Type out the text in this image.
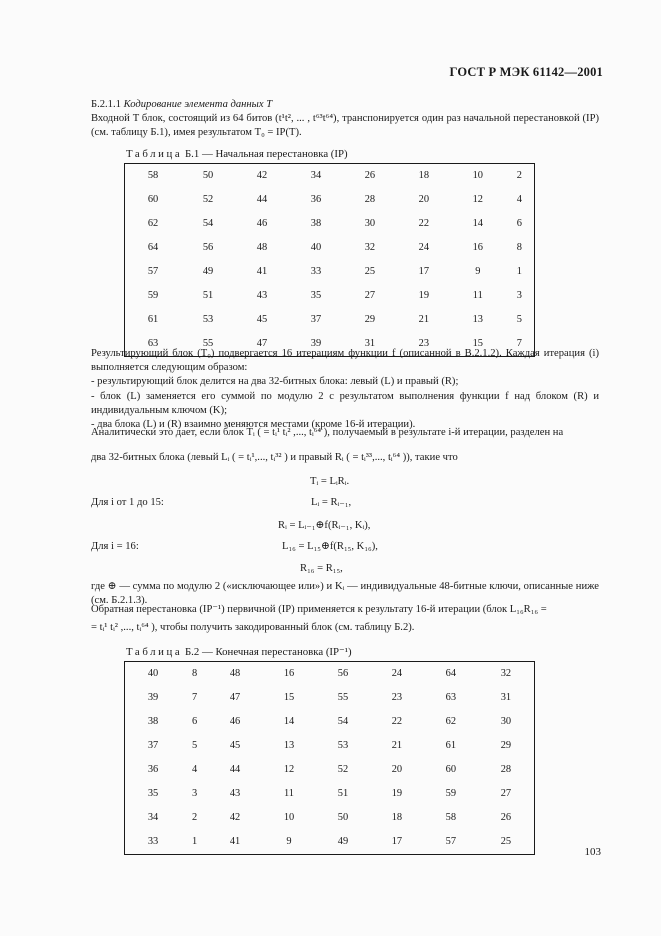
ГОСТ Р МЭК 61142—2001
Б.2.1.1 Кодирование элемента данных T
Входной T блок, состоящий из 64 битов (t¹t², ... , t⁶³t⁶⁴), транспонируется один раз начальной перестановкой (IP) (см. таблицу Б.1), имея результатом T₀ = IP(T).
Таблица Б.1 — Начальная перестановка (IP)
58	50	42	34	26	18	10	2
60	52	44	36	28	20	12	4
62	54	46	38	30	22	14	6
64	56	48	40	32	24	16	8
57	49	41	33	25	17	9	1
59	51	43	35	27	19	11	3
61	53	45	37	29	21	13	5
63	55	47	39	31	23	15	7
Результирующий блок (T₀) подвергается 16 итерациям функции f (описанной в B.2.1.2). Каждая итерация (i) выполняется следующим образом:
- результирующий блок делится на два 32-битных блока: левый (L) и правый (R);
- блок (L) заменяется его суммой по модулю 2 с результатом выполнения функции f над блоком (R) и индивидуальным ключом (K);
- два блока (L) и (R) взаимно меняются местами (кроме 16-й итерации).
Аналитически это дает, если блок Tᵢ ( = tᵢ¹ tᵢ² ,..., tᵢ⁶⁴ ), получаемый в результате i-й итерации, разделен на
два 32-битных блока (левый Lᵢ ( = tᵢ¹,..., tᵢ³² ) и правый Rᵢ ( = tᵢ³³,..., tᵢ⁶⁴ )), такие что
Tᵢ = LᵢRᵢ.
Для i от 1 до 15:	Lᵢ = Rᵢ₋₁,
Rᵢ = Lᵢ₋₁⊕f(Rᵢ₋₁, Kᵢ),
Для i = 16:	L₁₆ = L₁₅⊕f(R₁₅, K₁₆),
R₁₆ = R₁₅,
где ⊕ — сумма по модулю 2 («исключающее или») и Kᵢ — индивидуальные 48-битные ключи, описанные ниже (см. Б.2.1.3).
Обратная перестановка (IP⁻¹) первичной (IP) применяется к результату 16-й итерации (блок L₁₆R₁₆ =
= tᵢ¹ tᵢ² ,..., tᵢ⁶⁴ ), чтобы получить закодированный блок (см. таблицу Б.2).
Таблица Б.2 — Конечная перестановка (IP⁻¹)
40	8	48	16	56	24	64	32
39	7	47	15	55	23	63	31
38	6	46	14	54	22	62	30
37	5	45	13	53	21	61	29
36	4	44	12	52	20	60	28
35	3	43	11	51	19	59	27
34	2	42	10	50	18	58	26
33	1	41	9	49	17	57	25
103
